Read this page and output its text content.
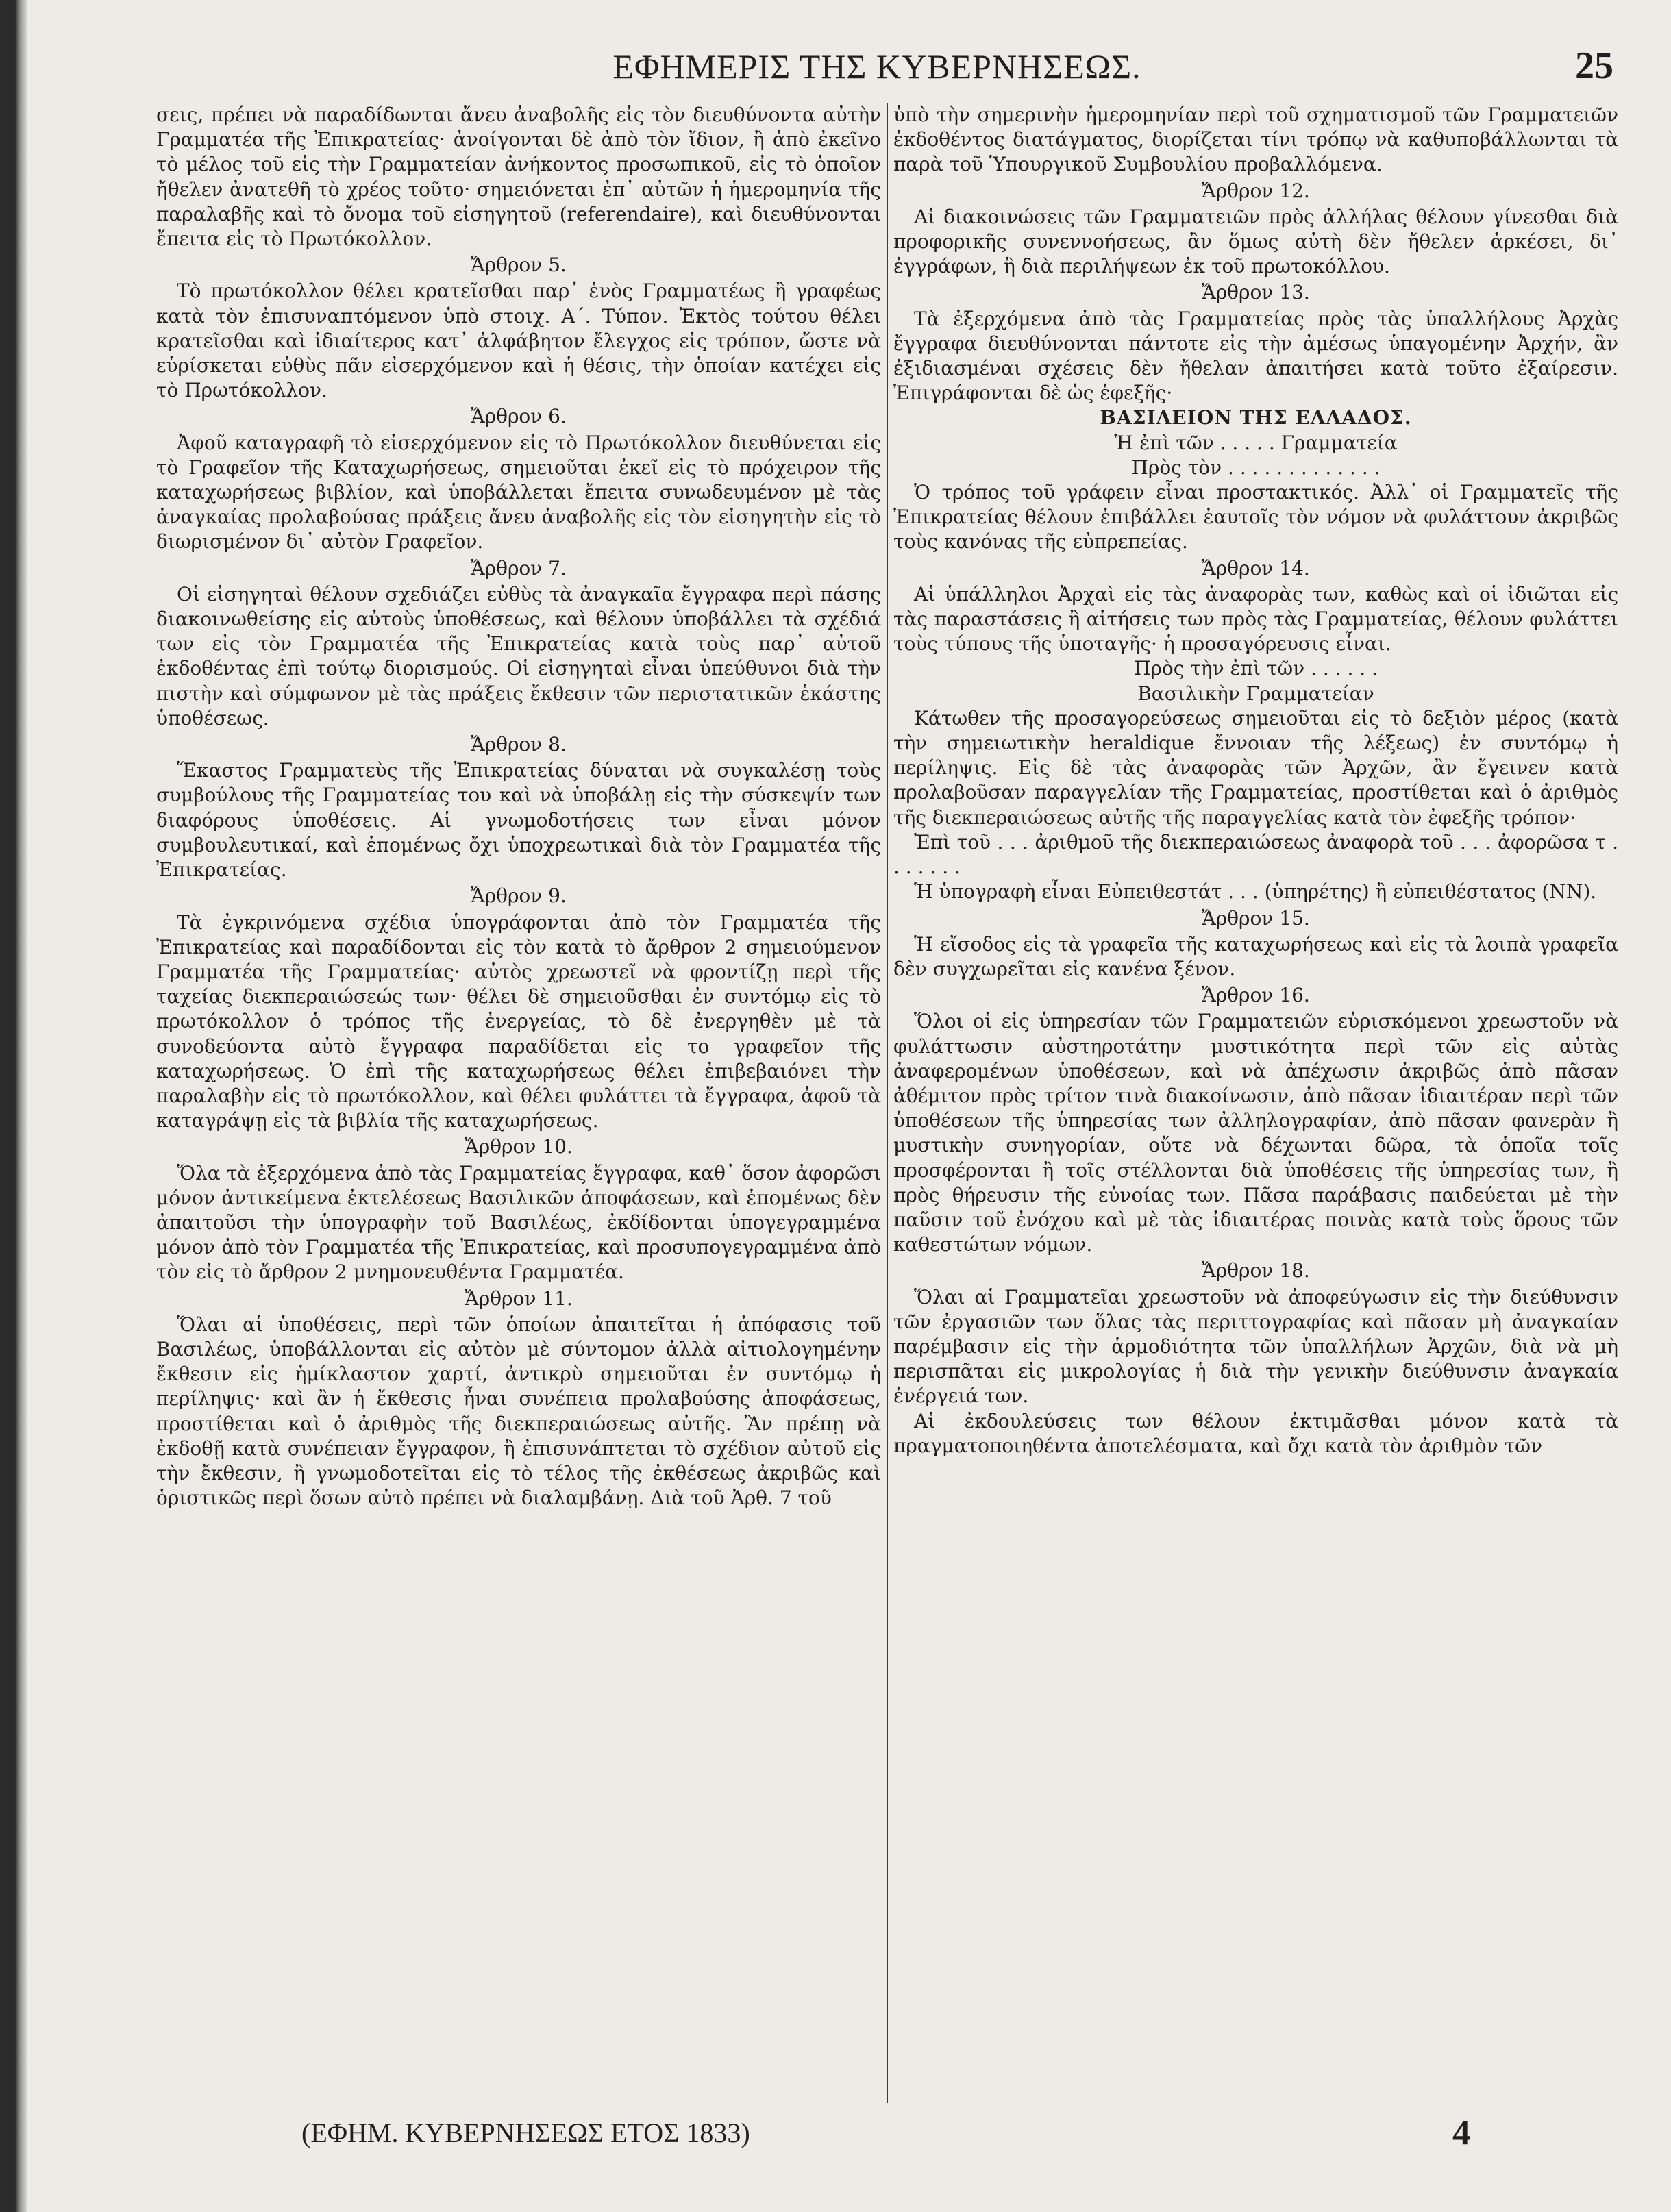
ΕΦΗΜΕΡΙΣ ΤΗΣ ΚΥΒΕΡΝΗΣΕΩΣ.	25

σεις, πρέπει νὰ παραδίδωνται ἄνευ ἀναβολῆς εἰς τὸν διευθύνοντα αὐτὴν Γραμματέα τῆς Ἐπικρατείας· ἀνοίγονται δὲ ἀπὸ τὸν ἴδιον, ἢ ἀπὸ ἐκεῖνο τὸ μέλος τοῦ εἰς τὴν Γραμματείαν ἀνήκοντος προσωπικοῦ, εἰς τὸ ὁποῖον ἤθελεν ἀνατεθῆ τὸ χρέος τοῦτο· σημειόνεται ἐπ᾿ αὐτῶν ἡ ἡμερομηνία τῆς παραλαβῆς καὶ τὸ ὄνομα τοῦ εἰσηγητοῦ (referendaire), καὶ διευθύνονται ἔπειτα εἰς τὸ Πρωτόκολλον.

Ἄρθρον 5.

Τὸ πρωτόκολλον θέλει κρατεῖσθαι παρ᾿ ἑνὸς Γραμματέως ἢ γραφέως κατὰ τὸν ἐπισυναπτόμενον ὑπὸ στοιχ. Α΄. Τύπον. Ἐκτὸς τούτου θέλει κρατεῖσθαι καὶ ἰδιαίτερος κατ᾿ ἀλφάβητον ἔλεγχος εἰς τρόπον, ὥστε νὰ εὑρίσκεται εὐθὺς πᾶν εἰσερχόμενον καὶ ἡ θέσις, τὴν ὁποίαν κατέχει εἰς τὸ Πρωτόκολλον.

Ἄρθρον 6.

Ἀφοῦ καταγραφῆ τὸ εἰσερχόμενον εἰς τὸ Πρωτόκολλον διευθύνεται εἰς τὸ Γραφεῖον τῆς Καταχωρήσεως, σημειοῦται ἐκεῖ εἰς τὸ πρόχειρον τῆς καταχωρήσεως βιβλίον, καὶ ὑποβάλλεται ἔπειτα συνωδευμένον μὲ τὰς ἀναγκαίας προλαβούσας πράξεις ἄνευ ἀναβολῆς εἰς τὸν εἰσηγητὴν εἰς τὸ διωρισμένον δι᾿ αὐτὸν Γραφεῖον.

Ἄρθρον 7.

Οἱ εἰσηγηταὶ θέλουν σχεδιάζει εὐθὺς τὰ ἀναγκαῖα ἔγγραφα περὶ πάσης διακοινωθείσης εἰς αὐτοὺς ὑποθέσεως, καὶ θέλουν ὑποβάλλει τὰ σχέδιά των εἰς τὸν Γραμματέα τῆς Ἐπικρατείας κατὰ τοὺς παρ᾿ αὐτοῦ ἐκδοθέντας ἐπὶ τούτῳ διορισμούς. Οἱ εἰσηγηταὶ εἶναι ὑπεύθυνοι διὰ τὴν πιστὴν καὶ σύμφωνον μὲ τὰς πράξεις ἔκθεσιν τῶν περιστατικῶν ἑκάστης ὑποθέσεως.

Ἄρθρον 8.

Ἕκαστος Γραμματεὺς τῆς Ἐπικρατείας δύναται νὰ συγκαλέσῃ τοὺς συμβούλους τῆς Γραμματείας του καὶ νὰ ὑποβάλῃ εἰς τὴν σύσκεψίν των διαφόρους ὑποθέσεις. Αἱ γνωμοδοτήσεις των εἶναι μόνον συμβουλευτικαί, καὶ ἐπομένως ὄχι ὑποχρεωτικαὶ διὰ τὸν Γραμματέα τῆς Ἐπικρατείας.

Ἄρθρον 9.

Τὰ ἐγκρινόμενα σχέδια ὑπογράφονται ἀπὸ τὸν Γραμματέα τῆς Ἐπικρατείας καὶ παραδίδονται εἰς τὸν κατὰ τὸ ἄρθρον 2 σημειούμενον Γραμματέα τῆς Γραμματείας· αὐτὸς χρεωστεῖ νὰ φροντίζῃ περὶ τῆς ταχείας διεκπεραιώσεώς των· θέλει δὲ σημειοῦσθαι ἐν συντόμῳ εἰς τὸ πρωτόκολλον ὁ τρόπος τῆς ἐνεργείας, τὸ δὲ ἐνεργηθὲν μὲ τὰ συνοδεύοντα αὐτὸ ἔγγραφα παραδίδεται εἰς το γραφεῖον τῆς καταχωρήσεως. Ὁ ἐπὶ τῆς καταχωρήσεως θέλει ἐπιβεβαιόνει τὴν παραλαβὴν εἰς τὸ πρωτόκολλον, καὶ θέλει φυλάττει τὰ ἔγγραφα, ἀφοῦ τὰ καταγράψῃ εἰς τὰ βιβλία τῆς καταχωρήσεως.

Ἄρθρον 10.

Ὅλα τὰ ἐξερχόμενα ἀπὸ τὰς Γραμματείας ἔγγραφα, καθ᾿ ὅσον ἀφορῶσι μόνον ἀντικείμενα ἐκτελέσεως Βασιλικῶν ἀποφάσεων, καὶ ἐπομένως δὲν ἀπαιτοῦσι τὴν ὑπογραφὴν τοῦ Βασιλέως, ἐκδίδονται ὑπογεγραμμένα μόνον ἀπὸ τὸν Γραμματέα τῆς Ἐπικρατείας, καὶ προσυπογεγραμμένα ἀπὸ τὸν εἰς τὸ ἄρθρον 2 μνημονευθέντα Γραμματέα.

Ἄρθρον 11.

Ὅλαι αἱ ὑποθέσεις, περὶ τῶν ὁποίων ἀπαιτεῖται ἡ ἀπόφασις τοῦ Βασιλέως, ὑποβάλλονται εἰς αὐτὸν μὲ σύντομον ἀλλὰ αἰτιολογημένην ἔκθεσιν εἰς ἡμίκλαστον χαρτί, ἀντικρὺ σημειοῦται ἐν συντόμῳ ἡ περίληψις· καὶ ἂν ἡ ἔκθεσις ἦναι συνέπεια προλαβούσης ἀποφάσεως, προστίθεται καὶ ὁ ἀριθμὸς τῆς διεκπεραιώσεως αὐτῆς. Ἂν πρέπῃ νὰ ἐκδοθῇ κατὰ συνέπειαν ἔγγραφον, ἢ ἐπισυνάπτεται τὸ σχέδιον αὐτοῦ εἰς τὴν ἔκθεσιν, ἢ γνωμοδοτεῖται εἰς τὸ τέλος τῆς ἐκθέσεως ἀκριβῶς καὶ ὁριστικῶς περὶ ὅσων αὐτὸ πρέπει νὰ διαλαμβάνῃ. Διὰ τοῦ Ἀρθ. 7 τοῦ

ὑπὸ τὴν σημερινὴν ἡμερομηνίαν περὶ τοῦ σχηματισμοῦ τῶν Γραμματειῶν ἐκδοθέντος διατάγματος, διορίζεται τίνι τρόπῳ νὰ καθυποβάλλωνται τὰ παρὰ τοῦ Ὑπουργικοῦ Συμβουλίου προβαλλόμενα.

Ἄρθρον 12.

Αἱ διακοινώσεις τῶν Γραμματειῶν πρὸς ἀλλήλας θέλουν γίνεσθαι διὰ προφορικῆς συνεννοήσεως, ἂν ὅμως αὐτὴ δὲν ἤθελεν ἀρκέσει, δι᾿ ἐγγράφων, ἢ διὰ περιλήψεων ἐκ τοῦ πρωτοκόλλου.

Ἄρθρον 13.

Τὰ ἐξερχόμενα ἀπὸ τὰς Γραμματείας πρὸς τὰς ὑπαλλήλους Ἀρχὰς ἔγγραφα διευθύνονται πάντοτε εἰς τὴν ἀμέσως ὑπαγομένην Ἀρχήν, ἂν ἐξιδιασμέναι σχέσεις δὲν ἤθελαν ἀπαιτήσει κατὰ τοῦτο ἐξαίρεσιν. Ἐπιγράφονται δὲ ὡς ἐφεξῆς·

ΒΑΣΙΛΕΙΟΝ ΤΗΣ ΕΛΛΑΔΟΣ.
Ἡ ἐπὶ τῶν . . . . . Γραμματεία
Πρὸς τὸν . . . . . . . . . . . . .

Ὁ τρόπος τοῦ γράφειν εἶναι προστακτικός. Ἀλλ᾿ οἱ Γραμματεῖς τῆς Ἐπικρατείας θέλουν ἐπιβάλλει ἑαυτοῖς τὸν νόμον νὰ φυλάττουν ἀκριβῶς τοὺς κανόνας τῆς εὐπρεπείας.

Ἄρθρον 14.

Αἱ ὑπάλληλοι Ἀρχαὶ εἰς τὰς ἀναφορὰς των, καθὼς καὶ οἱ ἰδιῶται εἰς τὰς παραστάσεις ἢ αἰτήσεις των πρὸς τὰς Γραμματείας, θέλουν φυλάττει τοὺς τύπους τῆς ὑποταγῆς· ἡ προσαγόρευσις εἶναι.

Πρὸς τὴν ἐπὶ τῶν . . . . . .
Βασιλικὴν Γραμματείαν

Κάτωθεν τῆς προσαγορεύσεως σημειοῦται εἰς τὸ δεξιὸν μέρος (κατὰ τὴν σημειωτικὴν heraldique ἔννοιαν τῆς λέξεως) ἐν συντόμῳ ἡ περίληψις. Εἰς δὲ τὰς ἀναφορὰς τῶν Ἀρχῶν, ἂν ἔγεινεν κατὰ προλαβοῦσαν παραγγελίαν τῆς Γραμματείας, προστίθεται καὶ ὁ ἀριθμὸς τῆς διεκπεραιώσεως αὐτῆς τῆς παραγγελίας κατὰ τὸν ἐφεξῆς τρόπον·

Ἐπὶ τοῦ . . . ἀριθμοῦ τῆς διεκπεραιώσεως ἀναφορὰ τοῦ . . . ἀφορῶσα τ . . . . . . .

Ἡ ὑπογραφὴ εἶναι Εὐπειθεστάτ . . . (ὑπηρέτης) ἢ εὐπειθέστατος (ΝΝ).

Ἄρθρον 15.

Ἡ εἴσοδος εἰς τὰ γραφεῖα τῆς καταχωρήσεως καὶ εἰς τὰ λοιπὰ γραφεῖα δὲν συγχωρεῖται εἰς κανένα ξένον.

Ἄρθρον 16.

Ὅλοι οἱ εἰς ὑπηρεσίαν τῶν Γραμματειῶν εὑρισκόμενοι χρεωστοῦν νὰ φυλάττωσιν αὐστηροτάτην μυστικότητα περὶ τῶν εἰς αὐτὰς ἀναφερομένων ὑποθέσεων, καὶ νὰ ἀπέχωσιν ἀκριβῶς ἀπὸ πᾶσαν ἀθέμιτον πρὸς τρίτον τινὰ διακοίνωσιν, ἀπὸ πᾶσαν ἰδιαιτέραν περὶ τῶν ὑποθέσεων τῆς ὑπηρεσίας των ἀλληλογραφίαν, ἀπὸ πᾶσαν φανερὰν ἢ μυστικὴν συνηγορίαν, οὔτε νὰ δέχωνται δῶρα, τὰ ὁποῖα τοῖς προσφέρονται ἢ τοῖς στέλλονται διὰ ὑποθέσεις τῆς ὑπηρεσίας των, ἢ πρὸς θήρευσιν τῆς εὐνοίας των. Πᾶσα παράβασις παιδεύεται μὲ τὴν παῦσιν τοῦ ἐνόχου καὶ μὲ τὰς ἰδιαιτέρας ποινὰς κατὰ τοὺς ὅρους τῶν καθεστώτων νόμων.

Ἄρθρον 18.

Ὅλαι αἱ Γραμματεῖαι χρεωστοῦν νὰ ἀποφεύγωσιν εἰς τὴν διεύθυνσιν τῶν ἐργασιῶν των ὅλας τὰς περιττογραφίας καὶ πᾶσαν μὴ ἀναγκαίαν παρέμβασιν εἰς τὴν ἁρμοδιότητα τῶν ὑπαλλήλων Ἀρχῶν, διὰ νὰ μὴ περισπᾶται εἰς μικρολογίας ἡ διὰ τὴν γενικὴν διεύθυνσιν ἀναγκαία ἐνέργειά των.

Αἱ ἐκδουλεύσεις των θέλουν ἐκτιμᾶσθαι μόνον κατὰ τὰ πραγματοποιηθέντα ἀποτελέσματα, καὶ ὄχι κατὰ τὸν ἀριθμὸν τῶν

(ΕΦΗΜ. ΚΥΒΕΡΝΗΣΕΩΣ ΕΤΟΣ 1833)	4
